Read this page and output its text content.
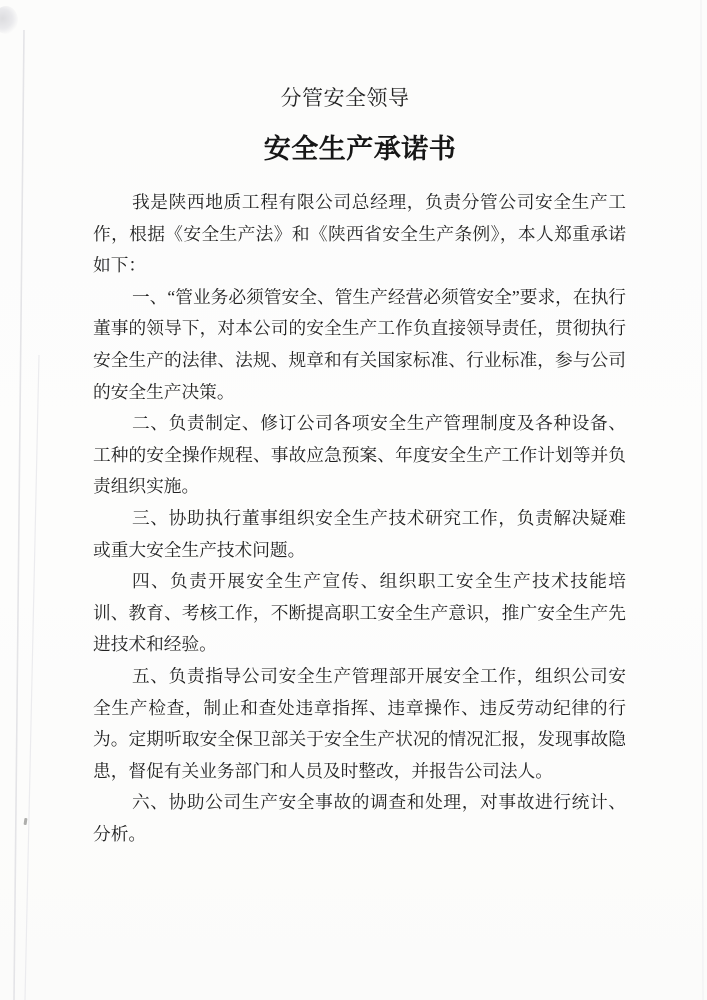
分管安全领导
安全生产承诺书

我是陕西地质工程有限公司总经理，负责分管公司安全生产工作，根据《安全生产法》和《陕西省安全生产条例》，本人郑重承诺如下：

一、“管业务必须管安全、管生产经营必须管安全”要求，在执行董事的领导下，对本公司的安全生产工作负直接领导责任，贯彻执行安全生产的法律、法规、规章和有关国家标准、行业标准，参与公司的安全生产决策。

二、负责制定、修订公司各项安全生产管理制度及各种设备、工种的安全操作规程、事故应急预案、年度安全生产工作计划等并负责组织实施。

三、协助执行董事组织安全生产技术研究工作，负责解决疑难或重大安全生产技术问题。

四、负责开展安全生产宣传、组织职工安全生产技术技能培训、教育、考核工作，不断提高职工安全生产意识，推广安全生产先进技术和经验。

五、负责指导公司安全生产管理部开展安全工作，组织公司安全生产检查，制止和查处违章指挥、违章操作、违反劳动纪律的行为。定期听取安全保卫部关于安全生产状况的情况汇报，发现事故隐患，督促有关业务部门和人员及时整改，并报告公司法人。

六、协助公司生产安全事故的调查和处理，对事故进行统计、分析。
